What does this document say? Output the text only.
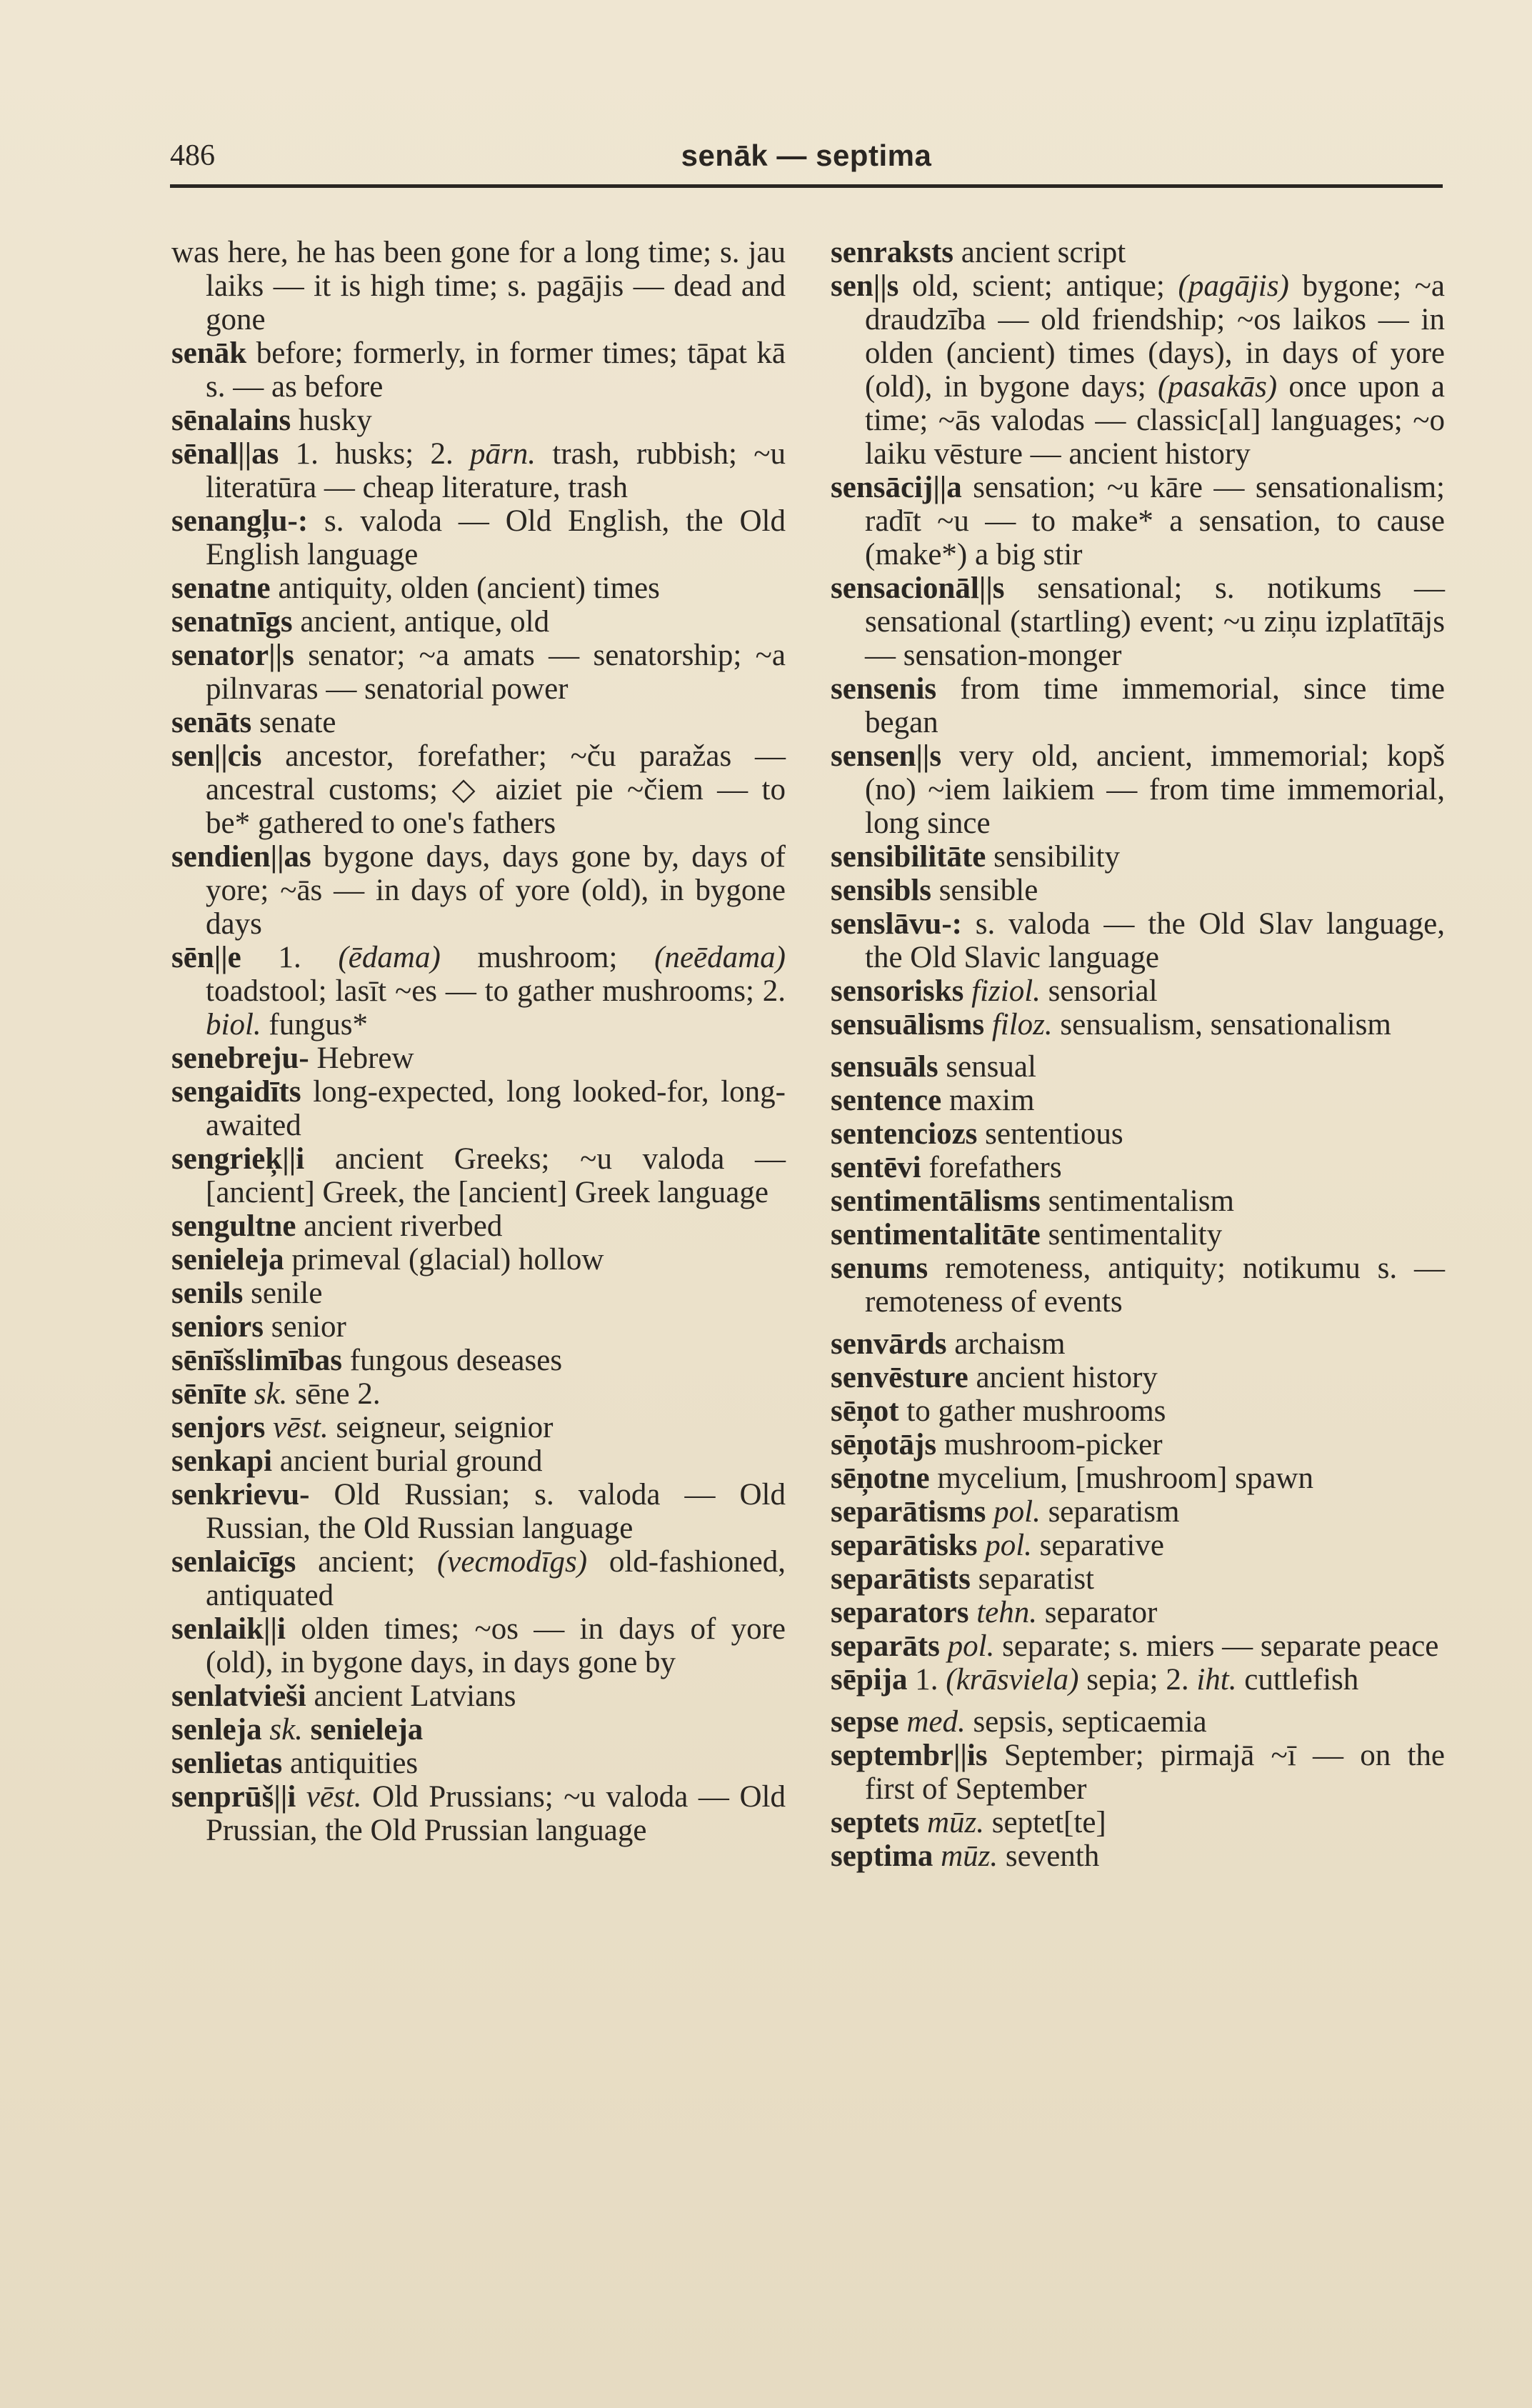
486	senāk — septima

was here, he has been gone for a long time; s. jau laiks — it is high time; s. pagājis — dead and gone

senāk before; formerly, in former times; tāpat kā s. — as before

sēnalains husky

sēnal||as 1. husks; 2. pārn. trash, rubbish; ~u literatūra — cheap literature, trash

senangļu-: s. valoda — Old English, the Old English language

senatne antiquity, olden (ancient) times

senatnīgs ancient, antique, old

senator||s senator; ~a amats — senatorship; ~a pilnvaras — senatorial power

senāts senate

sen||cis ancestor, forefather; ~ču paražas — ancestral customs; ◇ aiziet pie ~čiem — to be* gathered to one's fathers

sendien||as bygone days, days gone by, days of yore; ~ās — in days of yore (old), in bygone days

sēn||e 1. (ēdama) mushroom; (neēdama) toadstool; lasīt ~es — to gather mushrooms; 2. biol. fungus*

senebreju- Hebrew

sengaidīts long-expected, long looked-for, long-awaited

sengrieķ||i ancient Greeks; ~u valoda — [ancient] Greek, the [ancient] Greek language

sengultne ancient riverbed

senieleja primeval (glacial) hollow

senils senile

seniors senior

sēnīšslimības fungous deseases

sēnīte sk. sēne 2.

senjors vēst. seigneur, seignior

senkapi ancient burial ground

senkrievu- Old Russian; s. valoda — Old Russian, the Old Russian language

senlaicīgs ancient; (vecmodīgs) old-fashioned, antiquated

senlaik||i olden times; ~os — in days of yore (old), in bygone days, in days gone by

senlatvieši ancient Latvians

senleja sk. senieleja

senlietas antiquities

senprūš||i vēst. Old Prussians; ~u valoda — Old Prussian, the Old Prussian language

senraksts ancient script

sen||s old, scient; antique; (pagājis) bygone; ~a draudzība — old friendship; ~os laikos — in olden (ancient) times (days), in days of yore (old), in bygone days; (pasakās) once upon a time; ~ās valodas — classic[al] languages; ~o laiku vēsture — ancient history

sensācij||a sensation; ~u kāre — sensationalism; radīt ~u — to make* a sensation, to cause (make*) a big stir

sensacionāl||s sensational; s. notikums — sensational (startling) event; ~u ziņu izplatītājs — sensation-monger

sensenis from time immemorial, since time began

sensen||s very old, ancient, immemorial; kopš (no) ~iem laikiem — from time immemorial, long since

sensibilitāte sensibility

sensibls sensible

senslāvu-: s. valoda — the Old Slav language, the Old Slavic language

sensorisks fiziol. sensorial

sensuālisms filoz. sensualism, sensationalism

sensuāls sensual

sentence maxim

sentenciozs sententious

sentēvi forefathers

sentimentālisms sentimentalism

sentimentalitāte sentimentality

senums remoteness, antiquity; notikumu s. — remoteness of events

senvārds archaism

senvēsture ancient history

sēņot to gather mushrooms

sēņotājs mushroom-picker

sēņotne mycelium, [mushroom] spawn

separātisms pol. separatism

separātisks pol. separative

separātists separatist

separators tehn. separator

separāts pol. separate; s. miers — separate peace

sēpija 1. (krāsviela) sepia; 2. iht. cuttlefish

sepse med. sepsis, septicaemia

septembr||is September; pirmajā ~ī — on the first of September

septets mūz. septet[te]

septima mūz. seventh
